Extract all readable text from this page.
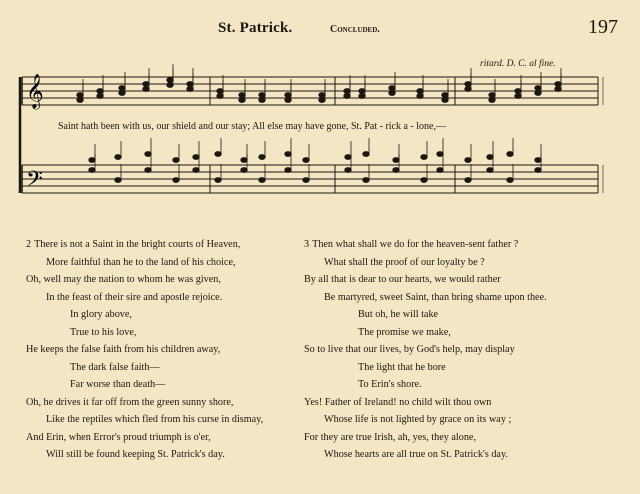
St. Patrick.	Concluded.	197
ritard. D. C. al fine.
𝄞
𝄢
Saint hath been with us, our shield and our stay; All else may have gone, St. Pat - rick a - lone,—
2 There is not a Saint in the bright courts of Heaven,
More faithful than he to the land of his choice,
Oh, well may the nation to whom he was given,
In the feast of their sire and apostle rejoice.
In glory above,
True to his love,
He keeps the false faith from his children away,
The dark false faith—
Far worse than death—
Oh, he drives it far off from the green sunny shore,
Like the reptiles which fled from his curse in dismay,
And Erin, when Error's proud triumph is o'er,
Will still be found keeping St. Patrick's day.
3 Then what shall we do for the heaven-sent father ?
What shall the proof of our loyalty be ?
By all that is dear to our hearts, we would rather
Be martyred, sweet Saint, than bring shame upon thee.
But oh, he will take
The promise we make,
So to live that our lives, by God's help, may display
The light that he bore
To Erin's shore.
Yes! Father of Ireland! no child wilt thou own
Whose life is not lighted by grace on its way ;
For they are true Irish, ah, yes, they alone,
Whose hearts are all true on St. Patrick's day.
